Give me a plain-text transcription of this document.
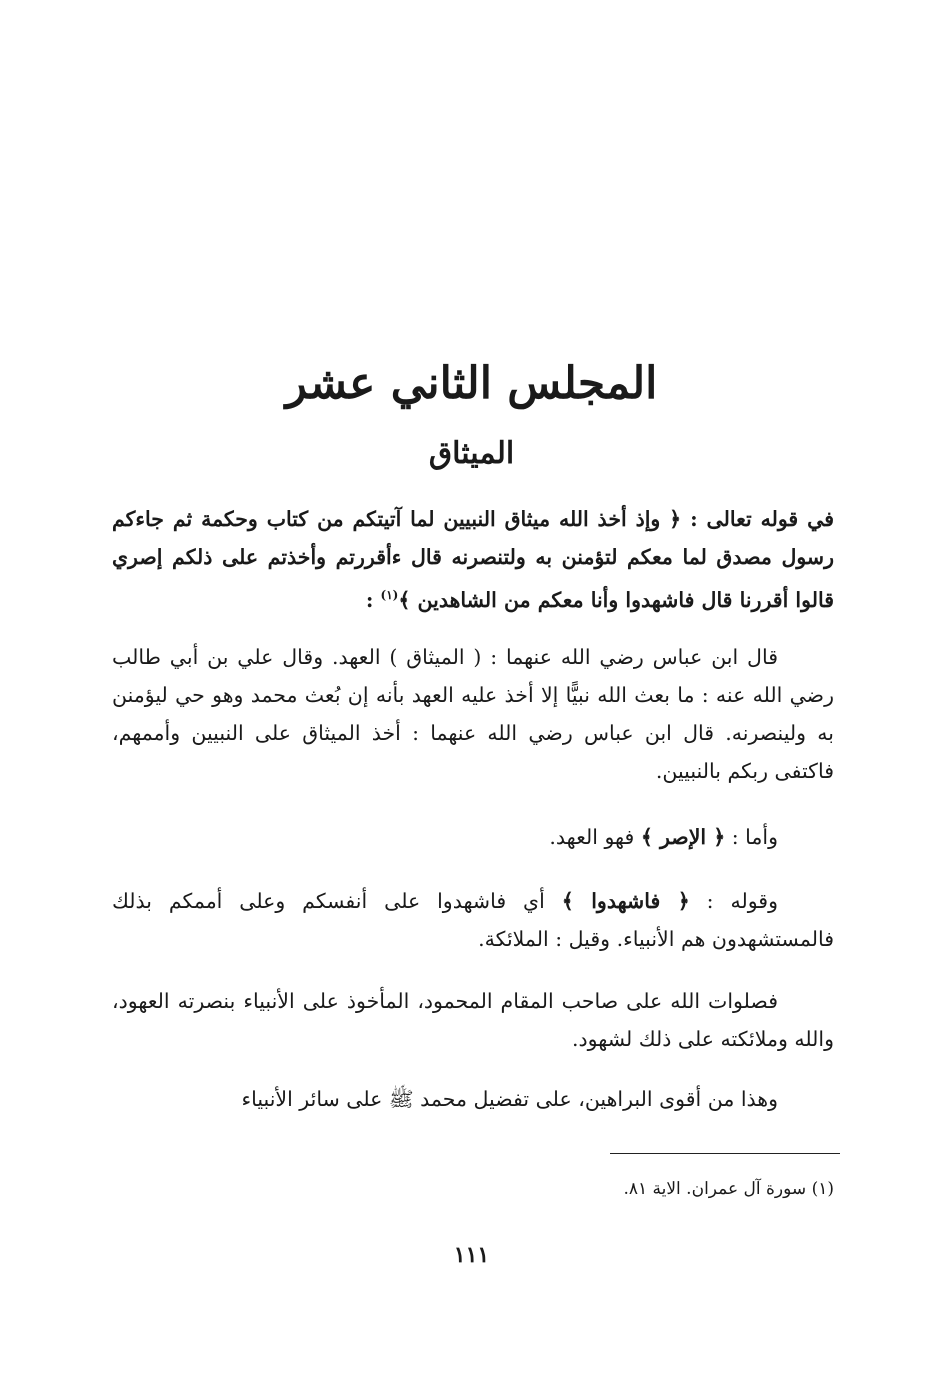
المجلس الثاني عشر
الميثاق

في قوله تعالى : ﴿ وإذ أخذ الله ميثاق النبيين لما آتيتكم من كتاب وحكمة ثم جاءكم رسول مصدق لما معكم لتؤمنن به ولتنصرنه قال ءأقررتم وأخذتم على ذلكم إصري قالوا أقررنا قال فاشهدوا وأنا معكم من الشاهدين ﴾$^{(١)}$ :

قال ابن عباس رضي الله عنهما : ( الميثاق ) العهد. وقال علي بن أبي طالب رضي الله عنه : ما بعث الله نبيًّا إلا أخذ عليه العهد بأنه إن بُعث محمد وهو حي ليؤمنن به ولينصرنه. قال ابن عباس رضي الله عنهما : أخذ الميثاق على النبيين وأممهم، فاكتفى ربكم بالنبيين.

وأما : ﴿ الإصر ﴾ فهو العهد.

وقوله : ﴿ فاشهدوا ﴾ أي فاشهدوا على أنفسكم وعلى أممكم بذلك فالمستشهدون هم الأنبياء. وقيل : الملائكة.

فصلوات الله على صاحب المقام المحمود، المأخوذ على الأنبياء بنصرته العهود، والله وملائكته على ذلك لشهود.

وهذا من أقوى البراهين، على تفضيل محمد ﷺ على سائر الأنبياء

(١) سورة آل عمران. الاية ٨١.

١١١
